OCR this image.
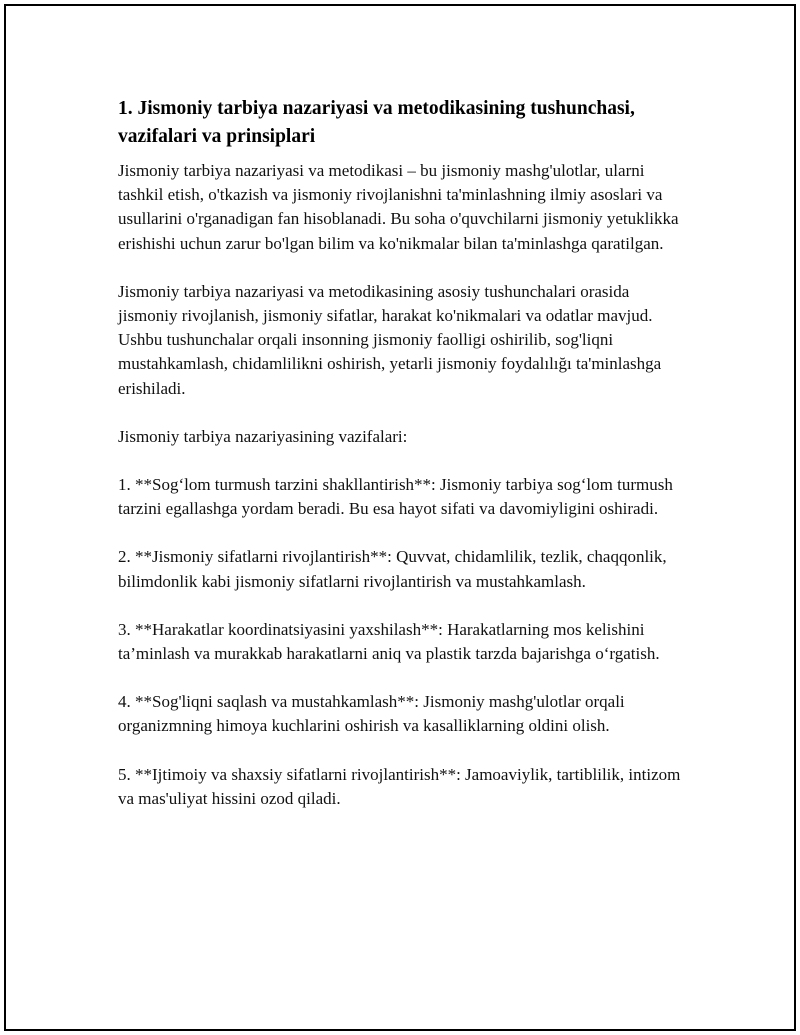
1. Jismoniy tarbiya nazariyasi va metodikasining tushunchasi, vazifalari va prinsiplari

Jismoniy tarbiya nazariyasi va metodikasi – bu jismoniy mashg'ulotlar, ularni tashkil etish, o'tkazish va jismoniy rivojlanishni ta'minlashning ilmiy asoslari va usullarini o'rganadigan fan hisoblanadi. Bu soha o'quvchilarni jismoniy yetuklikka erishishi uchun zarur bo'lgan bilim va ko'nikmalar bilan ta'minlashga qaratilgan.

Jismoniy tarbiya nazariyasi va metodikasining asosiy tushunchalari orasida jismoniy rivojlanish, jismoniy sifatlar, harakat ko'nikmalari va odatlar mavjud. Ushbu tushunchalar orqali insonning jismoniy faolligi oshirilib, sog'liqni mustahkamlash, chidamlilikni oshirish, yetarli jismoniy foydalılığı ta'minlashga erishiladi.

Jismoniy tarbiya nazariyasining vazifalari:

1. **Sog‘lom turmush tarzini shakllantirish**: Jismoniy tarbiya sog‘lom turmush tarzini egallashga yordam beradi. Bu esa hayot sifati va davomiyligini oshiradi.

2. **Jismoniy sifatlarni rivojlantirish**: Quvvat, chidamlilik, tezlik, chaqqonlik, bilimdonlik kabi jismoniy sifatlarni rivojlantirish va mustahkamlash.

3. **Harakatlar koordinatsiyasini yaxshilash**: Harakatlarning mos kelishini ta’minlash va murakkab harakatlarni aniq va plastik tarzda bajarishga o‘rgatish.

4. **Sog'liqni saqlash va mustahkamlash**: Jismoniy mashg'ulotlar orqali organizmning himoya kuchlarini oshirish va kasalliklarning oldini olish.

5. **Ijtimoiy va shaxsiy sifatlarni rivojlantirish**: Jamoaviylik, tartiblilik, intizom va mas'uliyat hissini ozod qiladi.
